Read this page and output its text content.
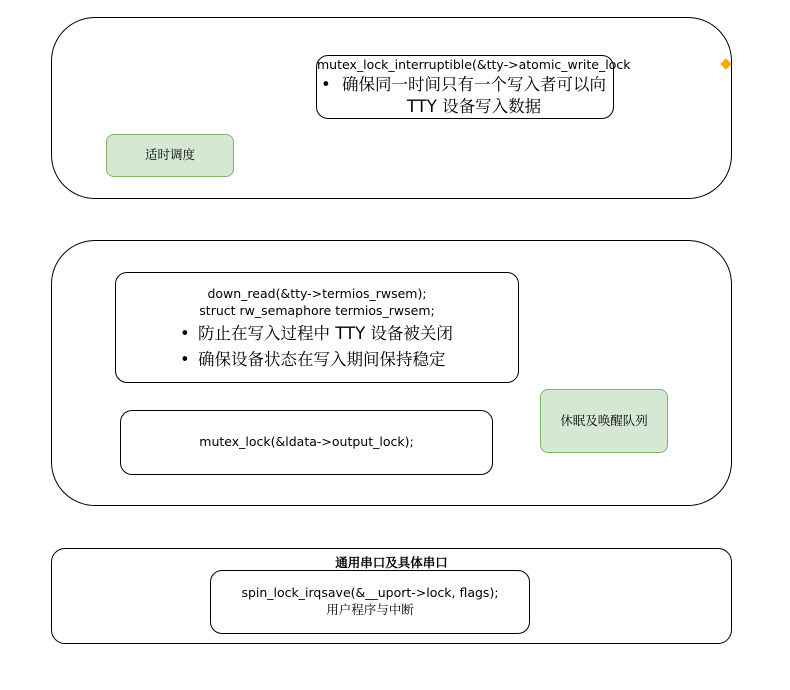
mutex_lock_interruptible(&tty->atomic_write_lock
• 确保同一时间只有一个写入者可以向TTY 设备写入数据
适时调度
down_read(&tty->termios_rwsem);
struct rw_semaphore termios_rwsem;
• 防止在写入过程中 TTY 设备被关闭
• 确保设备状态在写入期间保持稳定
mutex_lock(&ldata->output_lock);
休眠及唤醒队列
通用串口及具体串口
spin_lock_irqsave(&__uport->lock, flags);
用户程序与中断
